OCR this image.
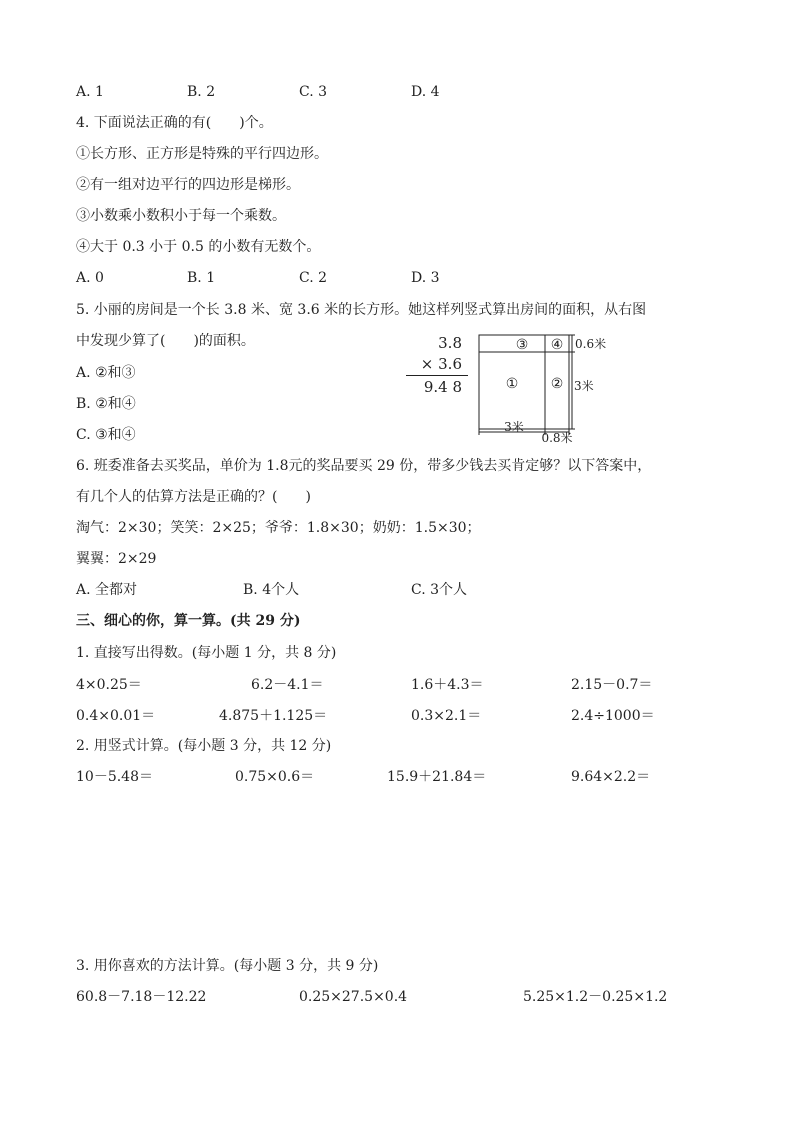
A. 1	B. 2	C. 3	D. 4
4. 下面说法正确的有(　　)个。
①长方形、正方形是特殊的平行四边形。
②有一组对边平行的四边形是梯形。
③小数乘小数积小于每一个乘数。
④大于 0.3 小于 0.5 的小数有无数个。
A. 0	B. 1	C. 2	D. 3
5. 小丽的房间是一个长 3.8 米、宽 3.6 米的长方形。她这样列竖式算出房间的面积，从右图
中发现少算了(　　)的面积。
A. ②和③
B. ②和④
C. ③和④
3.8
× 3.6
9.4 8	① ②
③ ④ 0.6米
3米
3米
0.8米
6. 班委准备去买奖品，单价为 1.8元的奖品要买 29 份，带多少钱去买肯定够？以下答案中，
有几个人的估算方法是正确的？(　　)
淘气：2×30；笑笑：2×25；爷爷：1.8×30；奶奶：1.5×30；
翼翼：2×29
A. 全都对	B. 4个人	C. 3个人
三、细心的你，算一算。(共 29 分)
1. 直接写出得数。(每小题 1 分，共 8 分)
4×0.25＝	6.2－4.1＝	1.6＋4.3＝	2.15－0.7＝
0.4×0.01＝	4.875＋1.125＝	0.3×2.1＝	2.4÷1000＝
2. 用竖式计算。(每小题 3 分，共 12 分)
10－5.48＝	0.75×0.6＝	15.9＋21.84＝	9.64×2.2＝
3. 用你喜欢的方法计算。(每小题 3 分，共 9 分)
60.8－7.18－12.22	0.25×27.5×0.4	5.25×1.2－0.25×1.2
